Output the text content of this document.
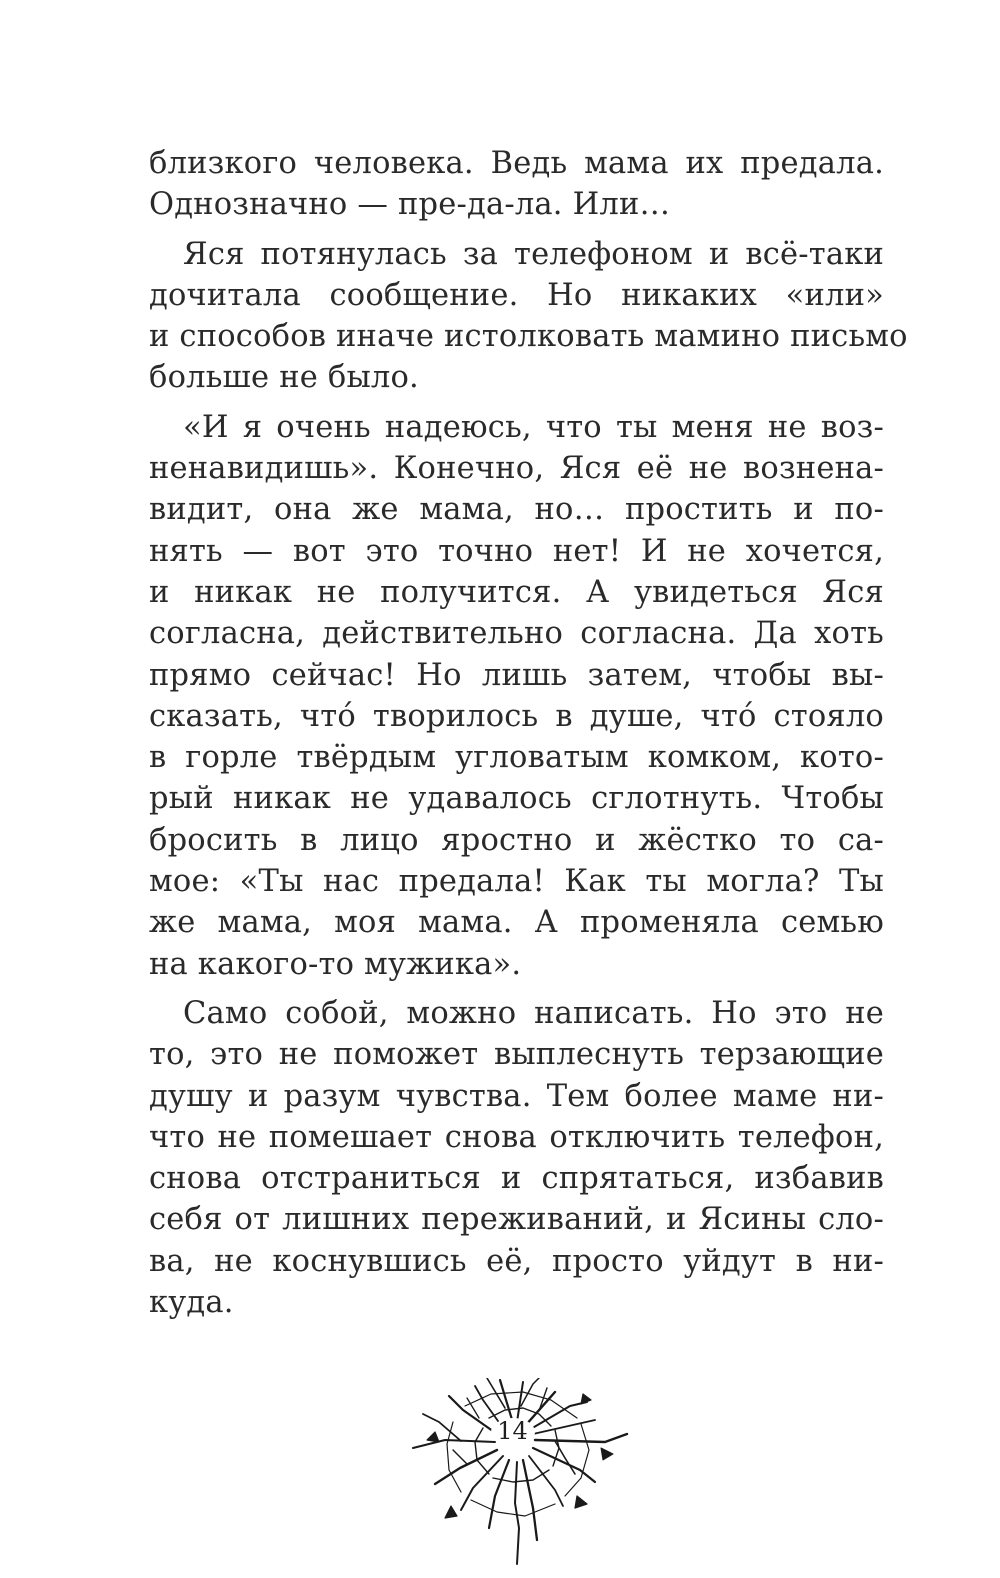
близкого человека. Ведь мама их предала.
Однозначно — пре-да-ла. Или…
Яся потянулась за телефоном и всё-таки
дочитала сообщение. Но никаких «или»
и способов иначе истолковать мамино письмо
больше не было.
«И я очень надеюсь, что ты меня не воз-
ненавидишь». Конечно, Яся её не вознена-
видит, она же мама, но… простить и по-
нять — вот это точно нет! И не хочется,
и никак не получится. А увидеться Яся
согласна, действительно согласна. Да хоть
прямо сейчас! Но лишь затем, чтобы вы-
сказать, что́ творилось в душе, что́ стояло
в горле твёрдым угловатым комком, кото-
рый никак не удавалось сглотнуть. Чтобы
бросить в лицо яростно и жёстко то са-
мое: «Ты нас предала! Как ты могла? Ты
же мама, моя мама. А променяла семью
на какого-то мужика».
Само собой, можно написать. Но это не
то, это не поможет выплеснуть терзающие
душу и разум чувства. Тем более маме ни-
что не помешает снова отключить телефон,
снова отстраниться и спрятаться, избавив
себя от лишних переживаний, и Ясины сло-
ва, не коснувшись её, просто уйдут в ни-
куда.
14
